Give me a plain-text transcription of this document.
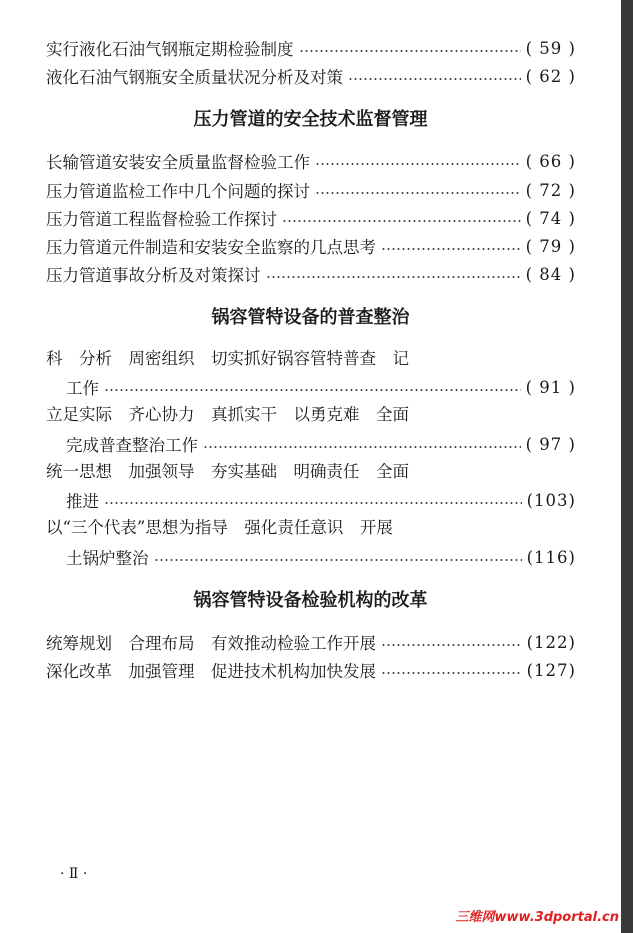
实行液化石油气钢瓶定期检验制度	( 59 )
液化石油气钢瓶安全质量状况分析及对策	( 62 )
压力管道的安全技术监督管理
长输管道安装安全质量监督检验工作	( 66 )
压力管道监检工作中几个问题的探讨	( 72 )
压力管道工程监督检验工作探讨	( 74 )
压力管道元件制造和安装安全监察的几点思考	( 79 )
压力管道事故分析及对策探讨	( 84 )
锅容管特设备的普查整治
科　分析　周密组织　切实抓好锅容管特普查　记
工作	( 91 )
立足实际　齐心协力　真抓实干　以勇克难　全面
完成普查整治工作	( 97 )
统一思想　加强领导　夯实基础　明确责任　全面
推进	(103)
以“三个代表”思想为指导　强化责任意识　开展
土锅炉整治	(116)
锅容管特设备检验机构的改革
统筹规划　合理布局　有效推动检验工作开展	(122)
深化改革　加强管理　促进技术机构加快发展	(127)
· Ⅱ ·
三维网www.3dportal.cn
